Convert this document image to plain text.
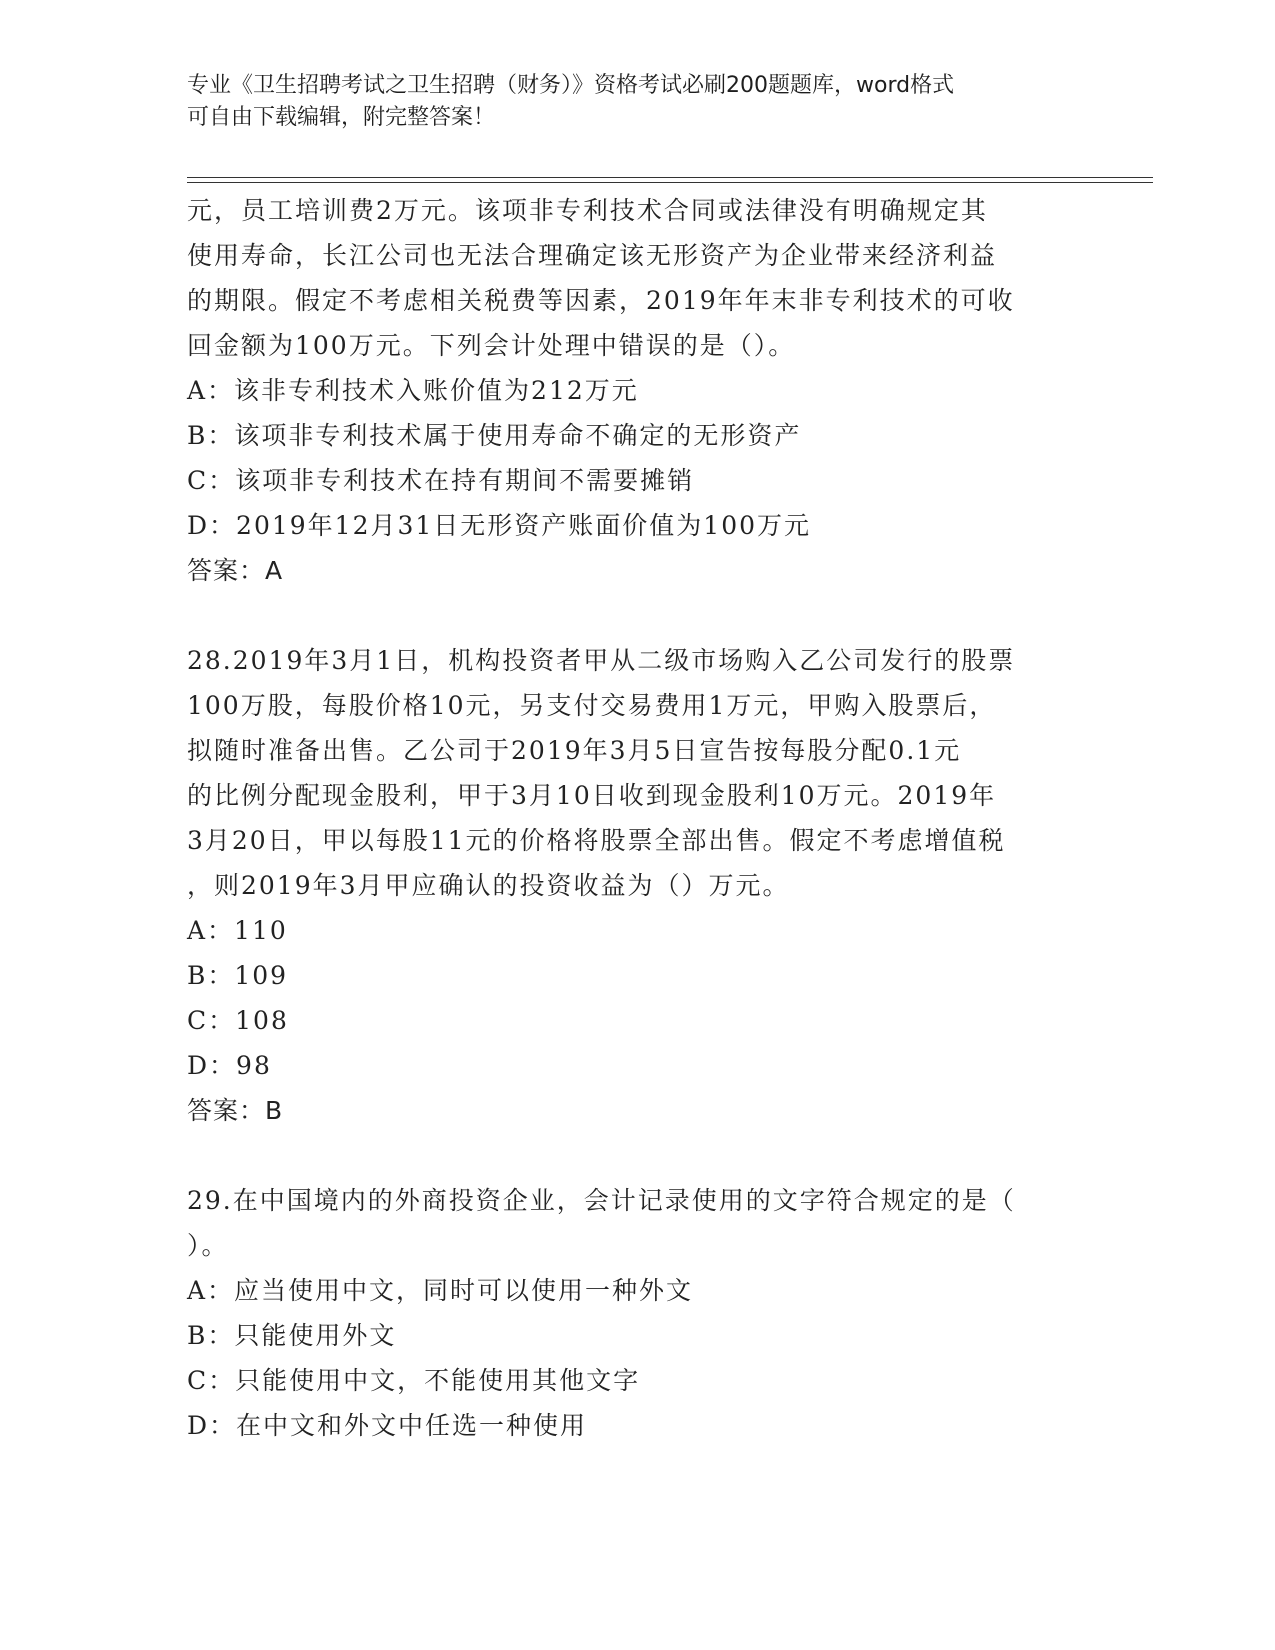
专业《卫生招聘考试之卫生招聘（财务）》资格考试必刷200题题库，word格式
可自由下载编辑，附完整答案！
元，员工培训费2万元。该项非专利技术合同或法律没有明确规定其
使用寿命，长江公司也无法合理确定该无形资产为企业带来经济利益
的期限。假定不考虑相关税费等因素，2019年年末非专利技术的可收
回金额为100万元。下列会计处理中错误的是（）。
A：该非专利技术入账价值为212万元
B：该项非专利技术属于使用寿命不确定的无形资产
C：该项非专利技术在持有期间不需要摊销
D：2019年12月31日无形资产账面价值为100万元
答案：A
28.2019年3月1日，机构投资者甲从二级市场购入乙公司发行的股票
100万股，每股价格10元，另支付交易费用1万元，甲购入股票后，
拟随时准备出售。乙公司于2019年3月5日宣告按每股分配0.1元
的比例分配现金股利，甲于3月10日收到现金股利10万元。2019年
3月20日，甲以每股11元的价格将股票全部出售。假定不考虑增值税
，则2019年3月甲应确认的投资收益为（）万元。
A：110
B：109
C：108
D：98
答案：B
29.在中国境内的外商投资企业，会计记录使用的文字符合规定的是（
）。
A：应当使用中文，同时可以使用一种外文
B：只能使用外文
C：只能使用中文，不能使用其他文字
D：在中文和外文中任选一种使用
